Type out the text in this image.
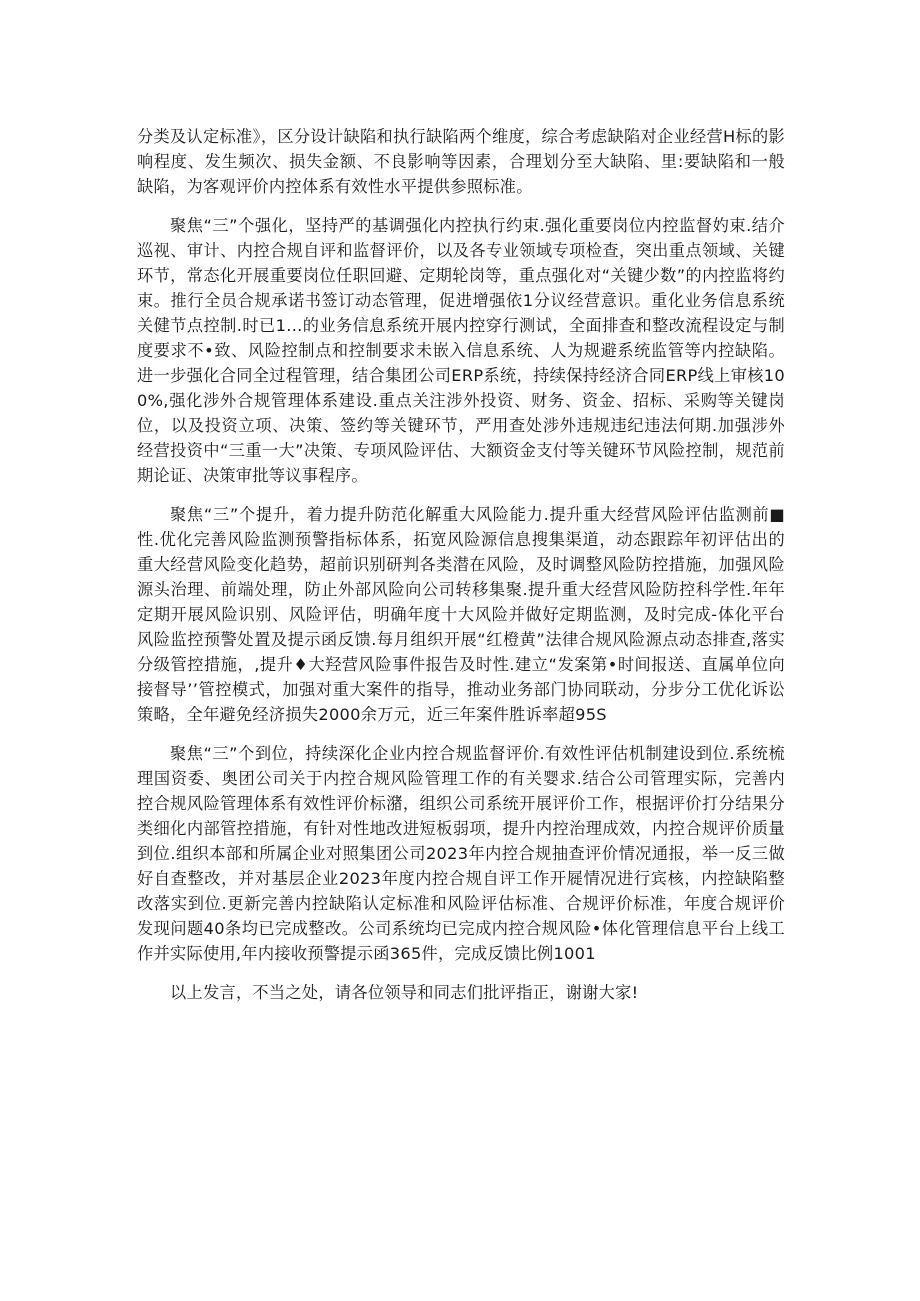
分类及认定标准》，区分设计缺陷和执行缺陷两个维度，综合考虑缺陷对企业经营H标的影响程度、发生频次、损失金额、不良影响等因素，合理划分至大缺陷、里:要缺陷和一般缺陷，为客观评价内控体系有效性水平提供参照标准。

聚焦“三”个强化，坚持严的基调强化内控执行约束.强化重要岗位内控监督妁束.结介巡视、审计、内控合规自评和监督评价，以及各专业领域专项检查，突出重点领域、关键环节，常态化开展重要岗位任职回避、定期轮岗等，重点强化对“关键少数”的内控监将约束。推行全员合规承诺书签订动态管理，促进增强依1分议经营意识。重化业务信息系统关健节点控制.时已1...的业务信息系统开展内控穿行测试，全面排查和整改流程设定与制度要求不•致、风险控制点和控制要求未嵌入信息系统、人为规避系统监管等内控缺陷。进一步强化合同全过程管理，结合集团公司ERP系统，持续保持经济合同ERP线上审核100%,强化涉外合规管理体系建设.重点关注涉外投资、财务、资金、招标、采购等关键岗位，以及投资立项、决策、签约等关键环节，严用查处涉外违规违纪违法何期.加强涉外经营投资中“三重一大”决策、专项风险评估、大额资金支付等关键环节风险控制，规范前期论证、决策审批等议事程序。

聚焦“三”个提升，着力提升防范化解重大风险能力.提升重大经营风险评估监测前■性.优化完善风险监测预警指标体系，拓宽风险源信息搜集渠道，动态跟踪年初评估出的重大经营风险变化趋势，超前识别研判各类潜在风险，及时调整风险防控措施，加强风险源头治理、前端处理，防止外部风险向公司转移集聚.提升重大经营风险防控科学性.年年定期开展风险识别、风险评估，明确年度十大风险并做好定期监测，及时完成-体化平台风险监控预警处置及提示函反馈.每月组织开展“红橙黄”法律合规风险源点动态排查,落实分级管控措施，,提升♦大羟营风险事件报告及时性.建立“发案第•时间报送、直属单位向接督导’’管控模式，加强对重大案件的指导，推动业务部门协同联动，分步分工优化诉讼策略，全年避免经济损失2000余万元，近三年案件胜诉率超95S

聚焦“三”个到位，持续深化企业内控合规监督评价.有效性评估机制建设到位.系统梳理国资委、奥团公司关于内控合规风险管理工作的有关婴求.结合公司管理实际，完善内控合规风险管理体系有效性评价标潴，组织公司系统开展评价工作，根据评价打分结果分类细化内部管控措施，有针对性地改进短板弱项，提升内控治理成效，内控合规评价质量到位.组织本部和所属企业对照集团公司2023年内控合规抽查评价情况通报，举一反三做好自查整改，并对基层企业2023年度内控合规自评工作开屣情况进行宾核，内控缺陷整改落实到位.更新完善内控缺陷认定标准和风险评估标准、合规评价标准，年度合规评价发现问题40条均已完成整改。公司系统均已完成内控合规风险•体化管理信息平台上线工作并实际使用,年内接收预警提示函365件，完成反馈比例1001

以上发言，不当之处，请各位领导和同志们批评指正，谢谢大家!
